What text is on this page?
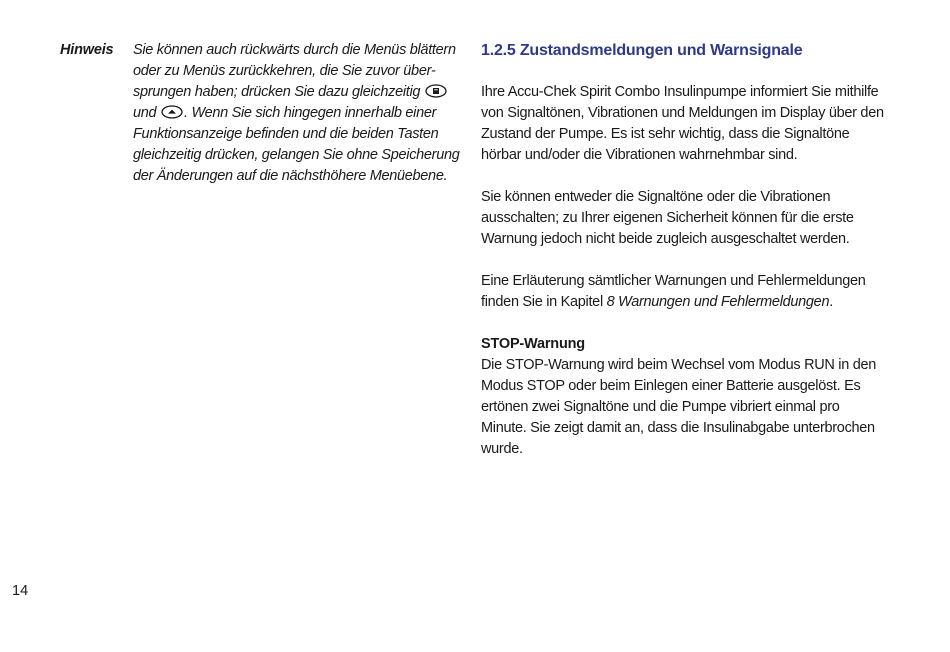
Hinweis Sie können auch rückwärts durch die Menüs blättern
oder zu Menüs zurückkehren, die Sie zuvor über-
sprungen haben; drücken Sie dazu gleichzeitig
und . Wenn Sie sich hingegen innerhalb einer
Funktionsanzeige befinden und die beiden Tasten
gleichzeitig drücken, gelangen Sie ohne Speicherung
der Änderungen auf die nächsthöhere Menüebene.
1.2.5 Zustandsmeldungen und Warnsignale
Ihre Accu-Chek Spirit Combo Insulinpumpe informiert Sie mithilfe
von Signaltönen, Vibrationen und Meldungen im Display über den
Zustand der Pumpe. Es ist sehr wichtig, dass die Signaltöne
hörbar und/oder die Vibrationen wahrnehmbar sind.
Sie können entweder die Signaltöne oder die Vibrationen
ausschalten; zu Ihrer eigenen Sicherheit können für die erste
Warnung jedoch nicht beide zugleich ausgeschaltet werden.
Eine Erläuterung sämtlicher Warnungen und Fehlermeldungen
finden Sie in Kapitel 8 Warnungen und Fehlermeldungen.
STOP-Warnung
Die STOP-Warnung wird beim Wechsel vom Modus RUN in den
Modus STOP oder beim Einlegen einer Batterie ausgelöst. Es
ertönen zwei Signaltöne und die Pumpe vibriert einmal pro
Minute. Sie zeigt damit an, dass die Insulinabgabe unterbrochen
wurde.
14
